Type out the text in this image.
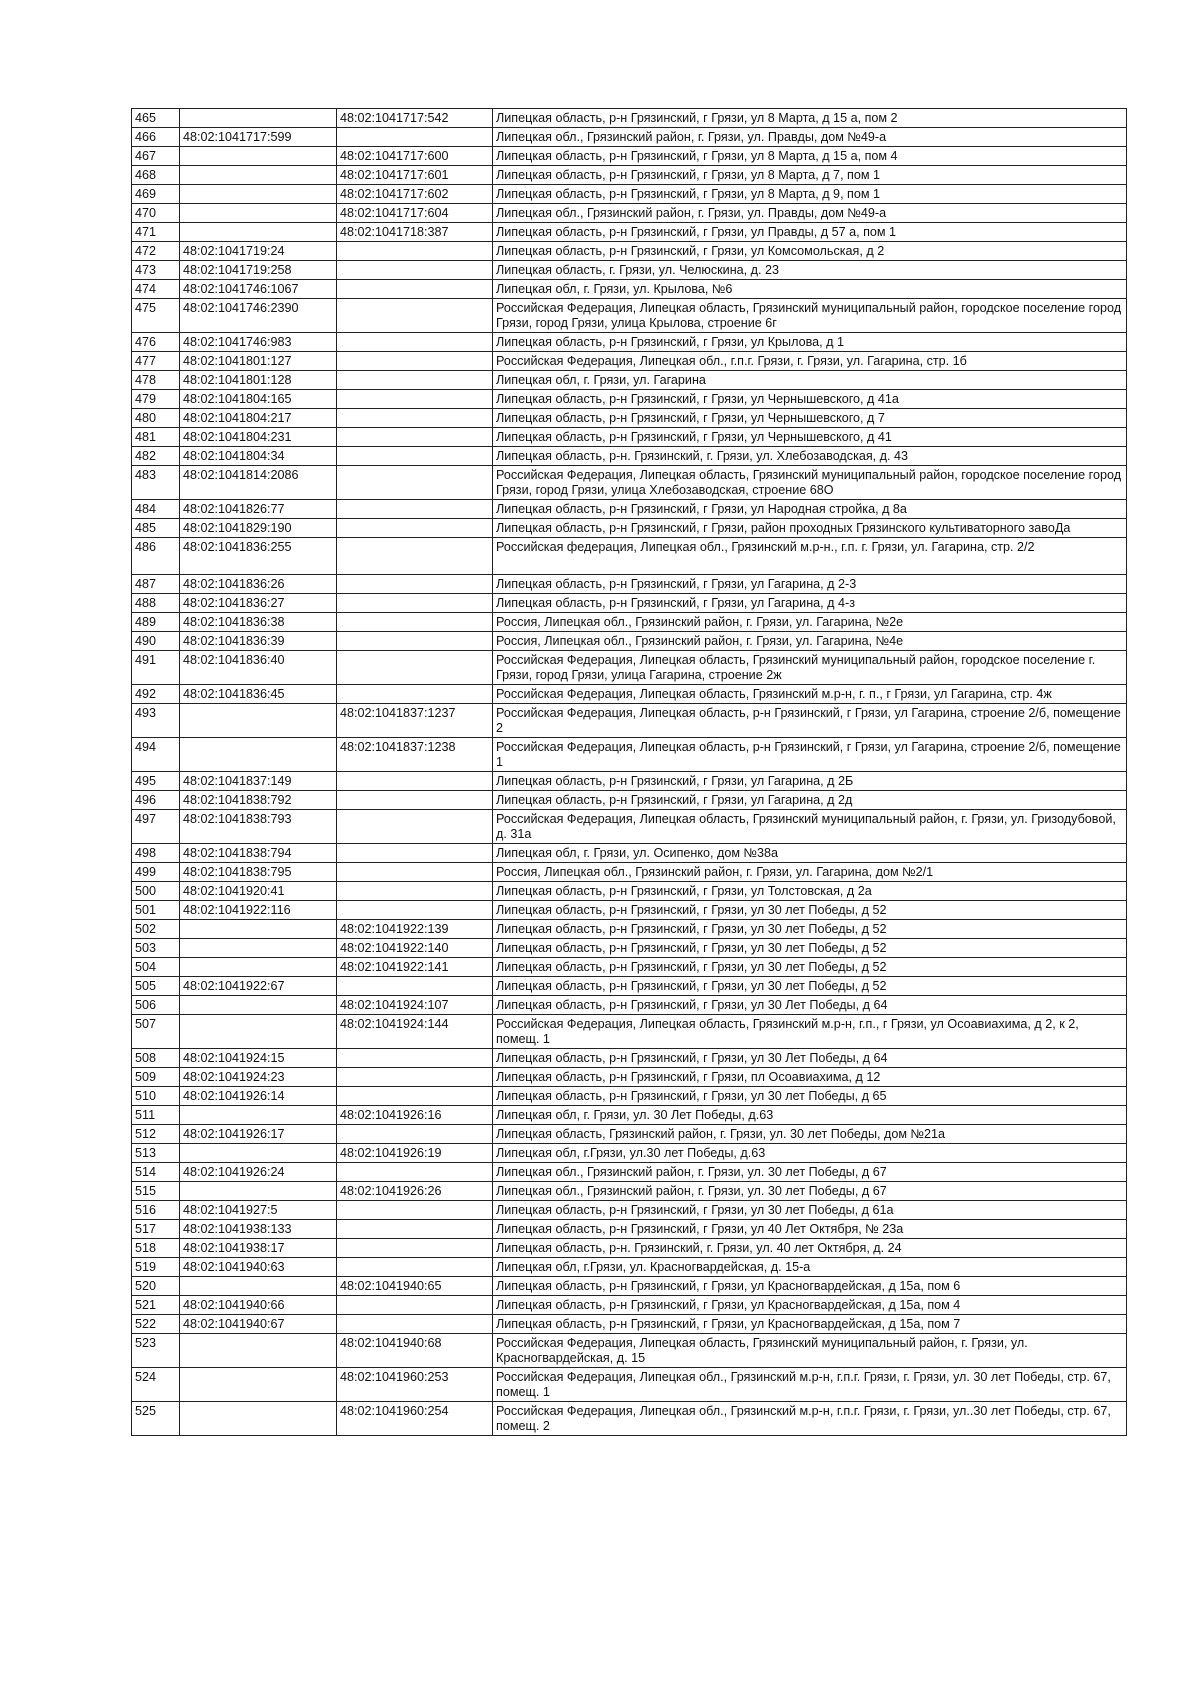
465		48:02:1041717:542	Липецкая область, р-н Грязинский, г Грязи, ул 8 Марта, д 15 а, пом 2
466	48:02:1041717:599		Липецкая обл., Грязинский район, г. Грязи, ул. Правды, дом №49-а
467		48:02:1041717:600	Липецкая область, р-н Грязинский, г Грязи, ул 8 Марта, д 15 а, пом 4
468		48:02:1041717:601	Липецкая область, р-н Грязинский, г Грязи, ул 8 Марта, д 7, пом 1
469		48:02:1041717:602	Липецкая область, р-н Грязинский, г Грязи, ул 8 Марта, д 9, пом 1
470		48:02:1041717:604	Липецкая обл., Грязинский район, г. Грязи, ул. Правды, дом №49-а
471		48:02:1041718:387	Липецкая область, р-н Грязинский, г Грязи, ул Правды, д 57 а, пом 1
472	48:02:1041719:24		Липецкая область, р-н Грязинский, г Грязи, ул Комсомольская, д 2
473	48:02:1041719:258		Липецкая область, г. Грязи, ул. Челюскина, д. 23
474	48:02:1041746:1067		Липецкая обл, г. Грязи, ул. Крылова, №6
475	48:02:1041746:2390		Российская Федерация, Липецкая область, Грязинский муниципальный район, городское поселение город Грязи, город Грязи, улица Крылова, строение 6г
476	48:02:1041746:983		Липецкая область, р-н Грязинский, г Грязи, ул Крылова, д 1
477	48:02:1041801:127		Российская Федерация, Липецкая обл., г.п.г. Грязи, г. Грязи, ул. Гагарина, стр. 1б
478	48:02:1041801:128		Липецкая обл, г. Грязи, ул. Гагарина
479	48:02:1041804:165		Липецкая область, р-н Грязинский, г Грязи, ул Чернышевского, д 41а
480	48:02:1041804:217		Липецкая область, р-н Грязинский, г Грязи, ул Чернышевского, д 7
481	48:02:1041804:231		Липецкая область, р-н Грязинский, г Грязи, ул Чернышевского, д 41
482	48:02:1041804:34		Липецкая область, р-н. Грязинский, г. Грязи, ул. Хлебозаводская, д. 43
483	48:02:1041814:2086		Российская Федерация, Липецкая область, Грязинский муниципальный район, городское поселение город Грязи, город Грязи, улица Хлебозаводская, строение 68О
484	48:02:1041826:77		Липецкая область, р-н Грязинский, г Грязи, ул Народная стройка, д 8а
485	48:02:1041829:190		Липецкая область, р-н Грязинский, г Грязи, район проходных Грязинского культиваторного завоДа
486	48:02:1041836:255		Российская федерация, Липецкая обл., Грязинский м.р-н., г.п. г. Грязи, ул. Гагарина, стр. 2/2
487	48:02:1041836:26		Липецкая область, р-н Грязинский, г Грязи, ул Гагарина, д 2-3
488	48:02:1041836:27		Липецкая область, р-н Грязинский, г Грязи, ул Гагарина, д 4-з
489	48:02:1041836:38		Россия, Липецкая обл., Грязинский район, г. Грязи, ул. Гагарина, №2е
490	48:02:1041836:39		Россия, Липецкая обл., Грязинский район, г. Грязи, ул. Гагарина, №4е
491	48:02:1041836:40		Российская Федерация, Липецкая область, Грязинский муниципальный район, городское поселение г. Грязи, город Грязи, улица Гагарина, строение 2ж
492	48:02:1041836:45		Российская Федерация, Липецкая область, Грязинский м.р-н, г. п., г Грязи, ул Гагарина, стр. 4ж
493		48:02:1041837:1237	Российская Федерация, Липецкая область, р-н Грязинский, г Грязи, ул Гагарина, строение 2/б, помещение 2
494		48:02:1041837:1238	Российская Федерация, Липецкая область, р-н Грязинский, г Грязи, ул Гагарина, строение 2/б, помещение 1
495	48:02:1041837:149		Липецкая область, р-н Грязинский, г Грязи, ул Гагарина, д 2Б
496	48:02:1041838:792		Липецкая область, р-н Грязинский, г Грязи, ул Гагарина, д 2д
497	48:02:1041838:793		Российская Федерация, Липецкая область, Грязинский муниципальный район, г. Грязи, ул. Гризодубовой, д. 31а
498	48:02:1041838:794		Липецкая обл, г. Грязи, ул. Осипенко, дом №38а
499	48:02:1041838:795		Россия, Липецкая обл., Грязинский район, г. Грязи, ул. Гагарина, дом №2/1
500	48:02:1041920:41		Липецкая область, р-н Грязинский, г Грязи, ул Толстовская, д 2а
501	48:02:1041922:116		Липецкая область, р-н Грязинский, г Грязи, ул 30 лет Победы, д 52
502		48:02:1041922:139	Липецкая область, р-н Грязинский, г Грязи, ул 30 лет Победы, д 52
503		48:02:1041922:140	Липецкая область, р-н Грязинский, г Грязи, ул 30 лет Победы, д 52
504		48:02:1041922:141	Липецкая область, р-н Грязинский, г Грязи, ул 30 лет Победы, д 52
505	48:02:1041922:67		Липецкая область, р-н Грязинский, г Грязи, ул 30 лет Победы, д 52
506		48:02:1041924:107	Липецкая область, р-н Грязинский, г Грязи, ул 30 Лет Победы, д 64
507		48:02:1041924:144	Российская Федерация, Липецкая область, Грязинский м.р-н, г.п., г Грязи, ул Осоавиахима, д 2, к 2, помещ. 1
508	48:02:1041924:15		Липецкая область, р-н Грязинский, г Грязи, ул 30 Лет Победы, д 64
509	48:02:1041924:23		Липецкая область, р-н Грязинский, г Грязи, пл Осоавиахима, д 12
510	48:02:1041926:14		Липецкая область, р-н Грязинский, г Грязи, ул 30 лет Победы, д 65
511		48:02:1041926:16	Липецкая обл, г. Грязи, ул. 30 Лет Победы, д.63
512	48:02:1041926:17		Липецкая область, Грязинский район, г. Грязи, ул. 30 лет Победы, дом №21а
513		48:02:1041926:19	Липецкая обл, г.Грязи, ул.30 лет Победы, д.63
514	48:02:1041926:24		Липецкая обл., Грязинский район, г. Грязи, ул. 30 лет Победы, д 67
515		48:02:1041926:26	Липецкая обл., Грязинский район, г. Грязи, ул. 30 лет Победы, д 67
516	48:02:1041927:5		Липецкая область, р-н Грязинский, г Грязи, ул 30 лет Победы, д 61а
517	48:02:1041938:133		Липецкая область, р-н Грязинский, г Грязи, ул 40 Лет Октября, № 23а
518	48:02:1041938:17		Липецкая область, р-н. Грязинский, г. Грязи, ул. 40 лет Октября, д. 24
519	48:02:1041940:63		Липецкая обл, г.Грязи, ул. Красногвардейская, д. 15-а
520		48:02:1041940:65	Липецкая область, р-н Грязинский, г Грязи, ул Красногвардейская, д 15а, пом 6
521	48:02:1041940:66		Липецкая область, р-н Грязинский, г Грязи, ул Красногвардейская, д 15а, пом 4
522	48:02:1041940:67		Липецкая область, р-н Грязинский, г Грязи, ул Красногвардейская, д 15а, пом 7
523		48:02:1041940:68	Российская Федерация, Липецкая область, Грязинский муниципальный район, г. Грязи, ул. Красногвардейская, д. 15
524		48:02:1041960:253	Российская Федерация, Липецкая обл., Грязинский м.р-н, г.п.г. Грязи, г. Грязи, ул. 30 лет Победы, стр. 67, помещ. 1
525		48:02:1041960:254	Российская Федерация, Липецкая обл., Грязинский м.р-н, г.п.г. Грязи, г. Грязи, ул..30 лет Победы, стр. 67, помещ. 2
